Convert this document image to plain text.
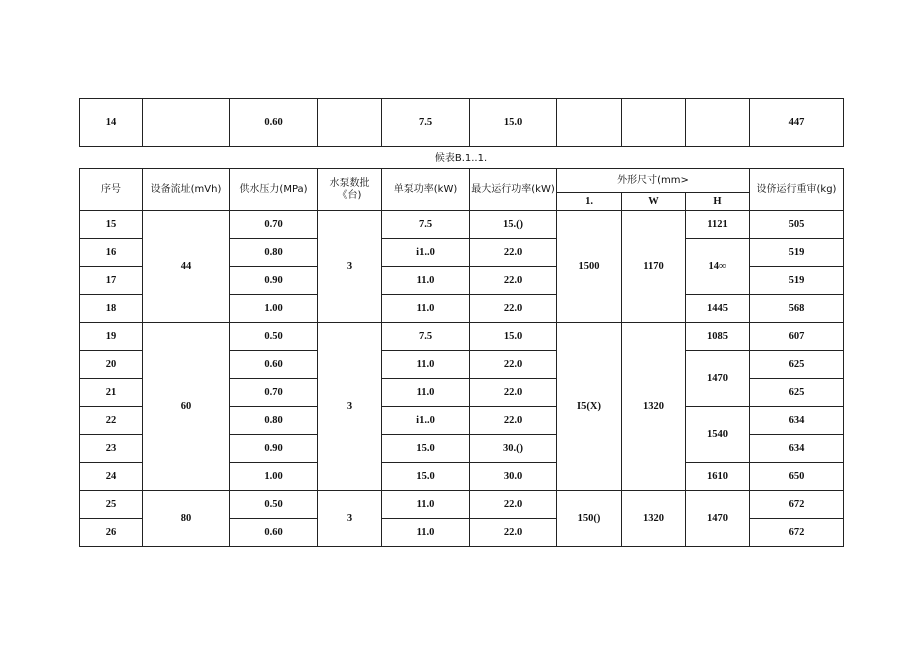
14		0.60		7.5	15.0				447
候表B.1..1.
序号	设备流址(mVh)	供水压力(MPa)	水泵数批《台)	单泵功率(kW)	最大运行功率(kW)	外形尺寸(mm>			设侪运行重审(kg)
						1.	W	H	
15	44	0.70	3	7.5	15.()	1500	1170	1121	505
16		0.80		i1..0	22.0			14∞	519
17		0.90		11.0	22.0				519
18		1.00		11.0	22.0			1445	568
19	60	0.50	3	7.5	15.0	I5(X)	1320	1085	607
20		0.60		11.0	22.0			1470	625
21		0.70		11.0	22.0				625
22		0.80		i1..0	22.0			1540	634
23		0.90		15.0	30.()				634
24		1.00		15.0	30.0			1610	650
25	80	0.50	3	11.0	22.0	150()	1320	1470	672
26		0.60		11.0	22.0				672
